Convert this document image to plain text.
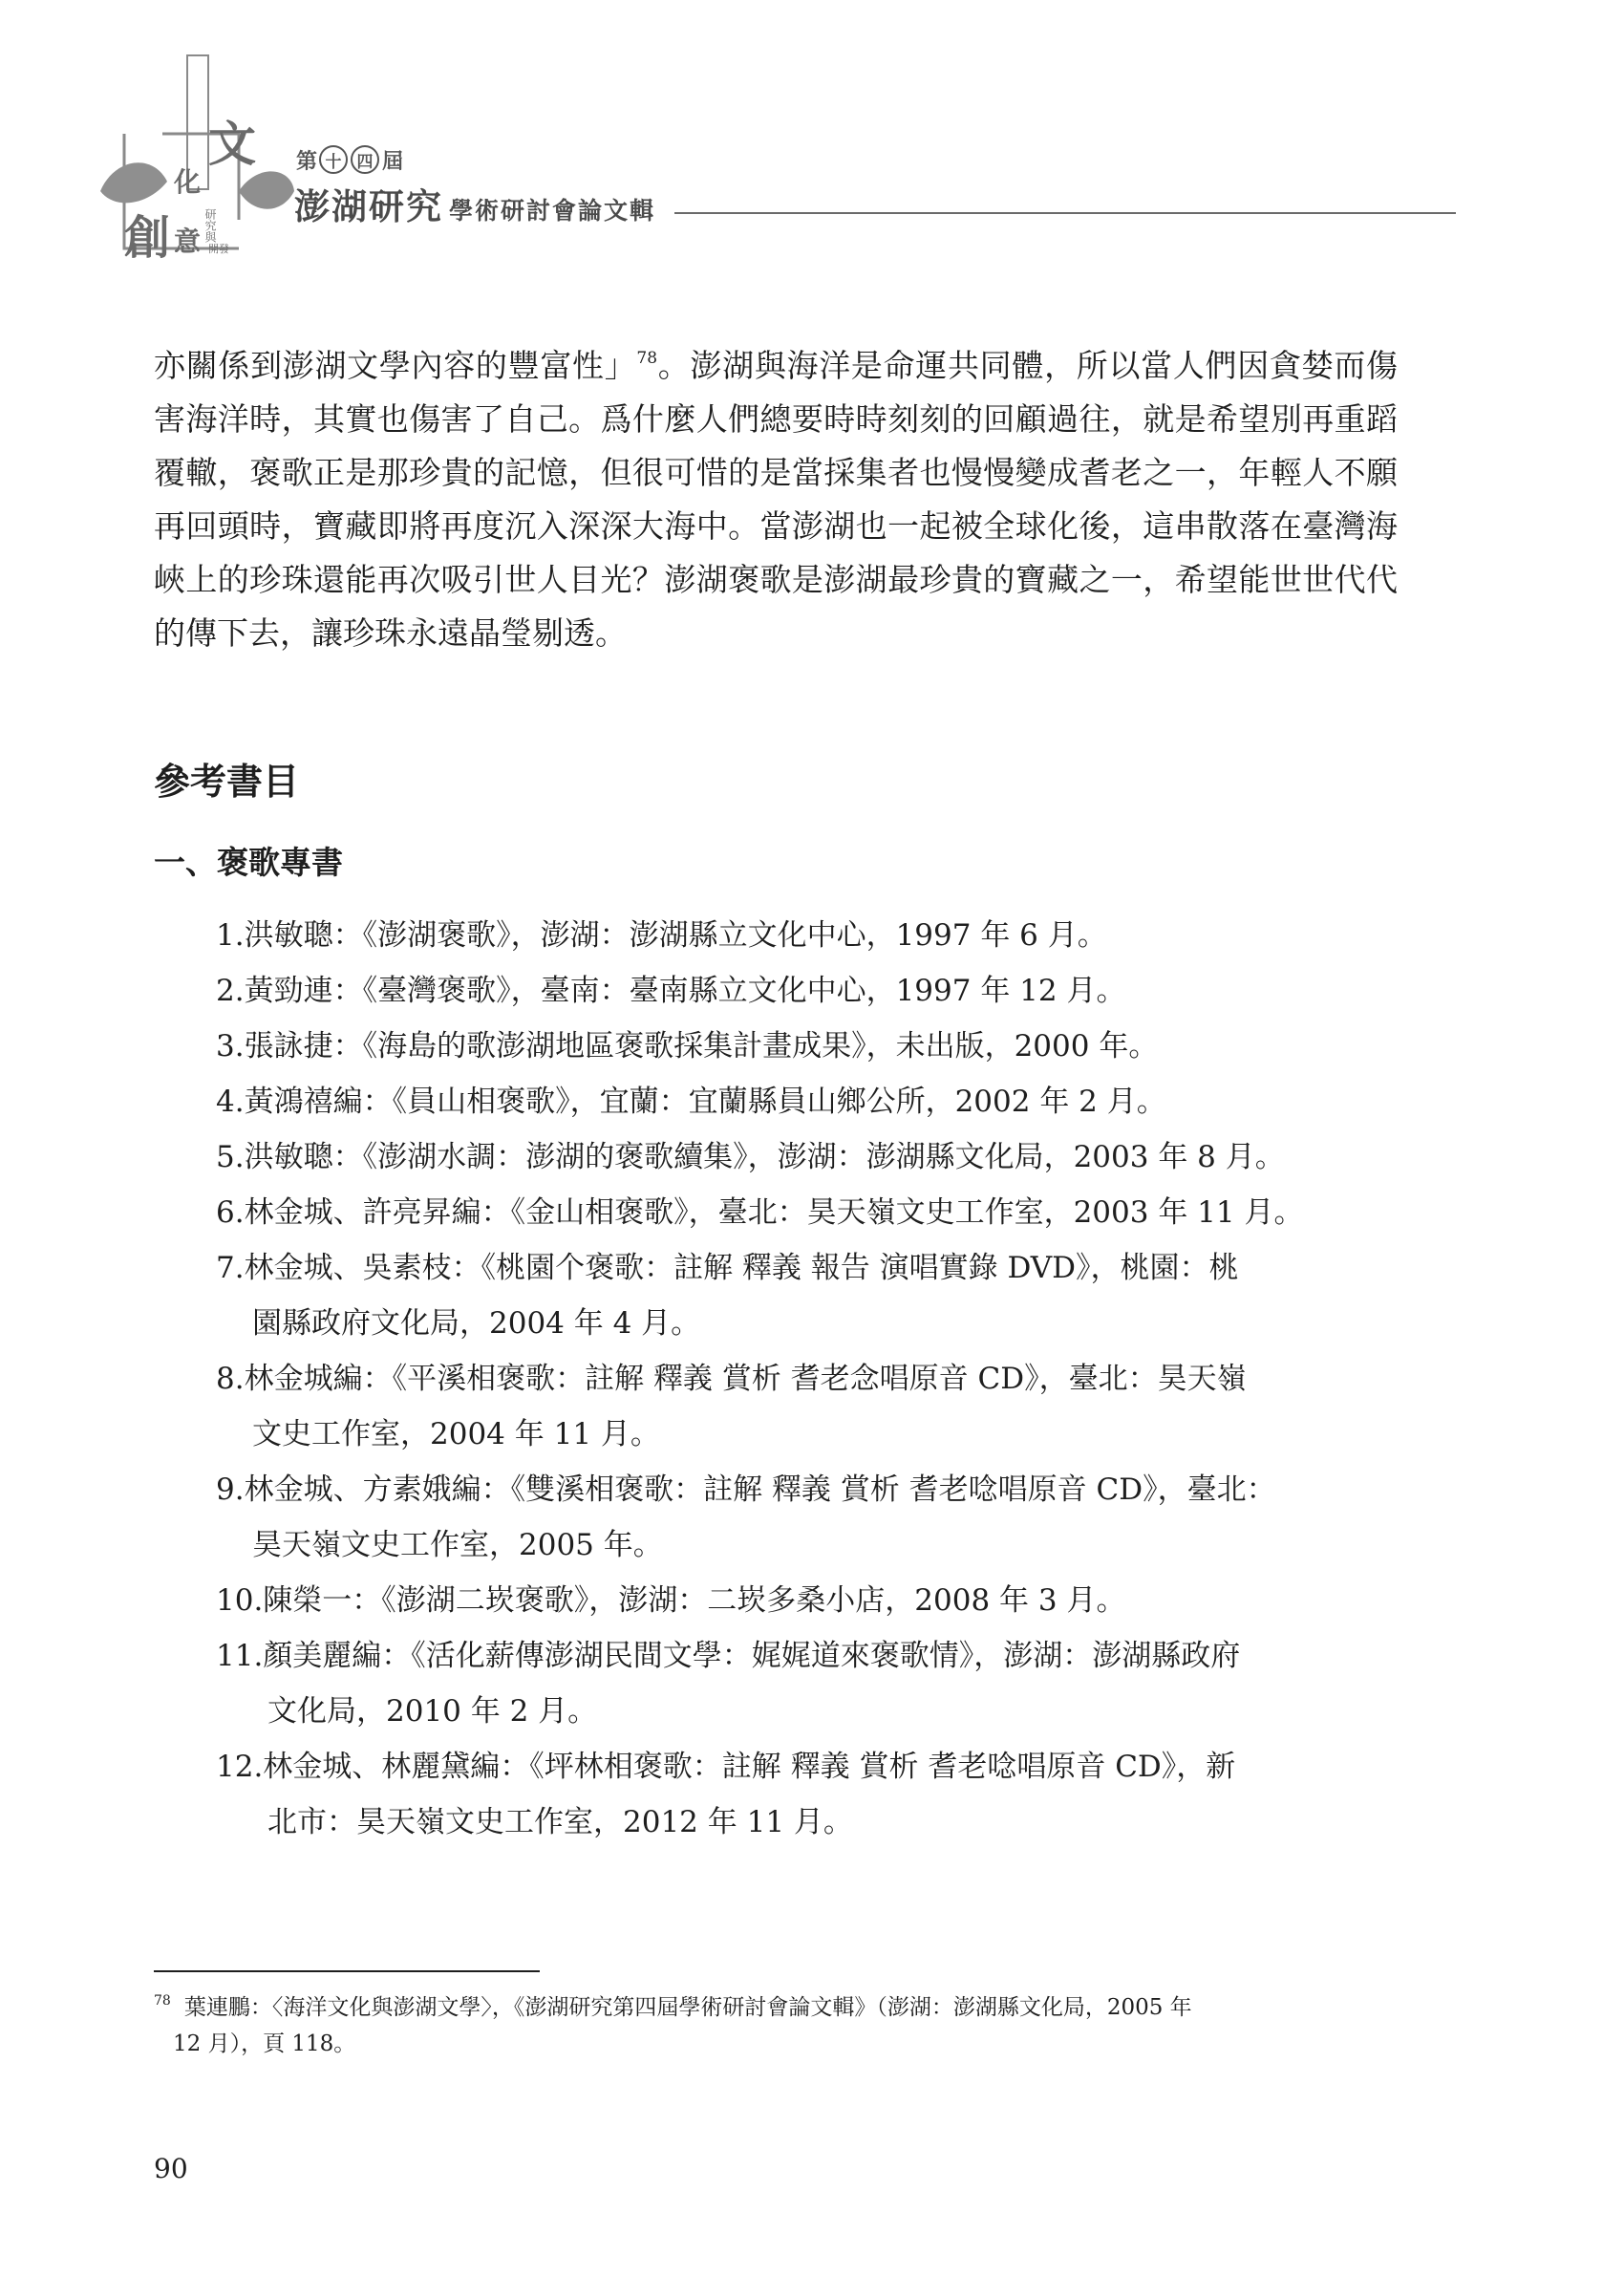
文
化
創 意 研究與
開發
第 十 四 屆
澎湖研究 學術研討會論文輯

亦關係到澎湖文學內容的豐富性」$^{78}$。澎湖與海洋是命運共同體，所以當人們因貪婪而傷害海洋時，其實也傷害了自己。爲什麼人們總要時時刻刻的回顧過往，就是希望別再重蹈覆轍，褒歌正是那珍貴的記憶，但很可惜的是當採集者也慢慢變成耆老之一，年輕人不願再回頭時，寶藏即將再度沉入深深大海中。當澎湖也一起被全球化後，這串散落在臺灣海峽上的珍珠還能再次吸引世人目光？澎湖褒歌是澎湖最珍貴的寶藏之一，希望能世世代代的傳下去，讓珍珠永遠晶瑩剔透。

參考書目
一、褒歌專書
1.洪敏聰：《澎湖褒歌》，澎湖：澎湖縣立文化中心，1997 年 6 月。
2.黃勁連：《臺灣褒歌》，臺南：臺南縣立文化中心，1997 年 12 月。
3.張詠捷：《海島的歌澎湖地區褒歌採集計畫成果》，未出版，2000 年。
4.黃鴻禧編：《員山相褒歌》，宜蘭：宜蘭縣員山鄉公所，2002 年 2 月。
5.洪敏聰：《澎湖水調：澎湖的褒歌續集》，澎湖：澎湖縣文化局，2003 年 8 月。
6.林金城、許亮昇編：《金山相褒歌》，臺北：昊天嶺文史工作室，2003 年 11 月。
7.林金城、吳素枝：《桃園个褒歌：註解 釋義 報告 演唱實錄 DVD》，桃園：桃
園縣政府文化局，2004 年 4 月。
8.林金城編：《平溪相褒歌：註解 釋義 賞析 耆老念唱原音 CD》，臺北：昊天嶺
文史工作室，2004 年 11 月。
9.林金城、方素娥編：《雙溪相褒歌：註解 釋義 賞析 耆老唸唱原音 CD》，臺北：
昊天嶺文史工作室，2005 年。
10.陳榮一：《澎湖二崁褒歌》，澎湖：二崁多桑小店，2008 年 3 月。
11.顏美麗編：《活化薪傳澎湖民間文學：娓娓道來褒歌情》，澎湖：澎湖縣政府
文化局，2010 年 2 月。
12.林金城、林麗黛編：《坪林相褒歌：註解 釋義 賞析 耆老唸唱原音 CD》，新
北市：昊天嶺文史工作室，2012 年 11 月。
$^{78}$ 葉連鵬：〈海洋文化與澎湖文學〉，《澎湖研究第四屆學術研討會論文輯》（澎湖：澎湖縣文化局，2005 年
12 月），頁 118。
90
